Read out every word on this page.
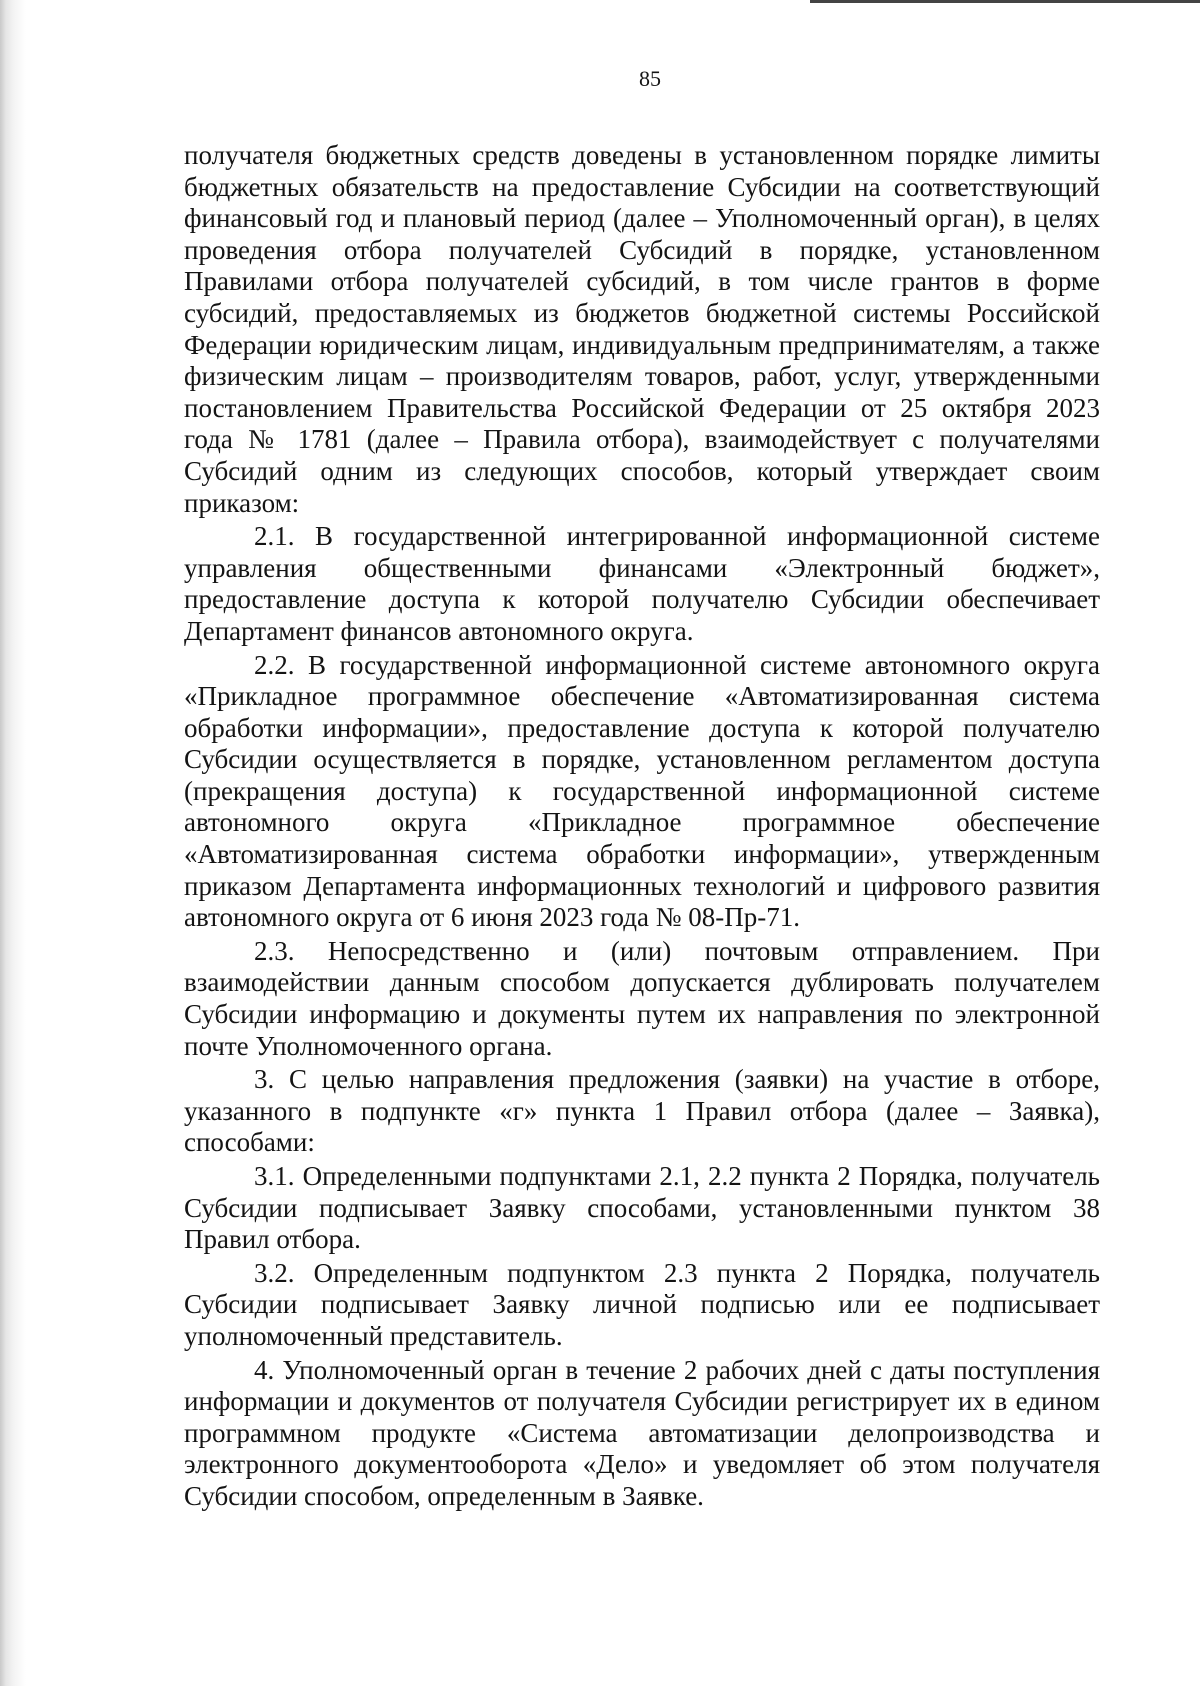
85

получателя бюджетных средств доведены в установленном порядке лимиты бюджетных обязательств на предоставление Субсидии на соответствующий финансовый год и плановый период (далее – Уполномоченный орган), в целях проведения отбора получателей Субсидий в порядке, установленном Правилами отбора получателей субсидий, в том числе грантов в форме субсидий, предоставляемых из бюджетов бюджетной системы Российской Федерации юридическим лицам, индивидуальным предпринимателям, а также физическим лицам – производителям товаров, работ, услуг, утвержденными постановлением Правительства Российской Федерации от 25 октября 2023 года № 1781 (далее – Правила отбора), взаимодействует с получателями Субсидий одним из следующих способов, который утверждает своим приказом:

2.1. В государственной интегрированной информационной системе управления общественными финансами «Электронный бюджет», предоставление доступа к которой получателю Субсидии обеспечивает Департамент финансов автономного округа.

2.2. В государственной информационной системе автономного округа «Прикладное программное обеспечение «Автоматизированная система обработки информации», предоставление доступа к которой получателю Субсидии осуществляется в порядке, установленном регламентом доступа (прекращения доступа) к государственной информационной системе автономного округа «Прикладное программное обеспечение «Автоматизированная система обработки информации», утвержденным приказом Департамента информационных технологий и цифрового развития автономного округа от 6 июня 2023 года № 08-Пр-71.

2.3. Непосредственно и (или) почтовым отправлением. При взаимодействии данным способом допускается дублировать получателем Субсидии информацию и документы путем их направления по электронной почте Уполномоченного органа.

3. С целью направления предложения (заявки) на участие в отборе, указанного в подпункте «г» пункта 1 Правил отбора (далее – Заявка), способами:

3.1. Определенными подпунктами 2.1, 2.2 пункта 2 Порядка, получатель Субсидии подписывает Заявку способами, установленными пунктом 38 Правил отбора.

3.2. Определенным подпунктом 2.3 пункта 2 Порядка, получатель Субсидии подписывает Заявку личной подписью или ее подписывает уполномоченный представитель.

4. Уполномоченный орган в течение 2 рабочих дней с даты поступления информации и документов от получателя Субсидии регистрирует их в едином программном продукте «Система автоматизации делопроизводства и электронного документооборота «Дело» и уведомляет об этом получателя Субсидии способом, определенным в Заявке.
